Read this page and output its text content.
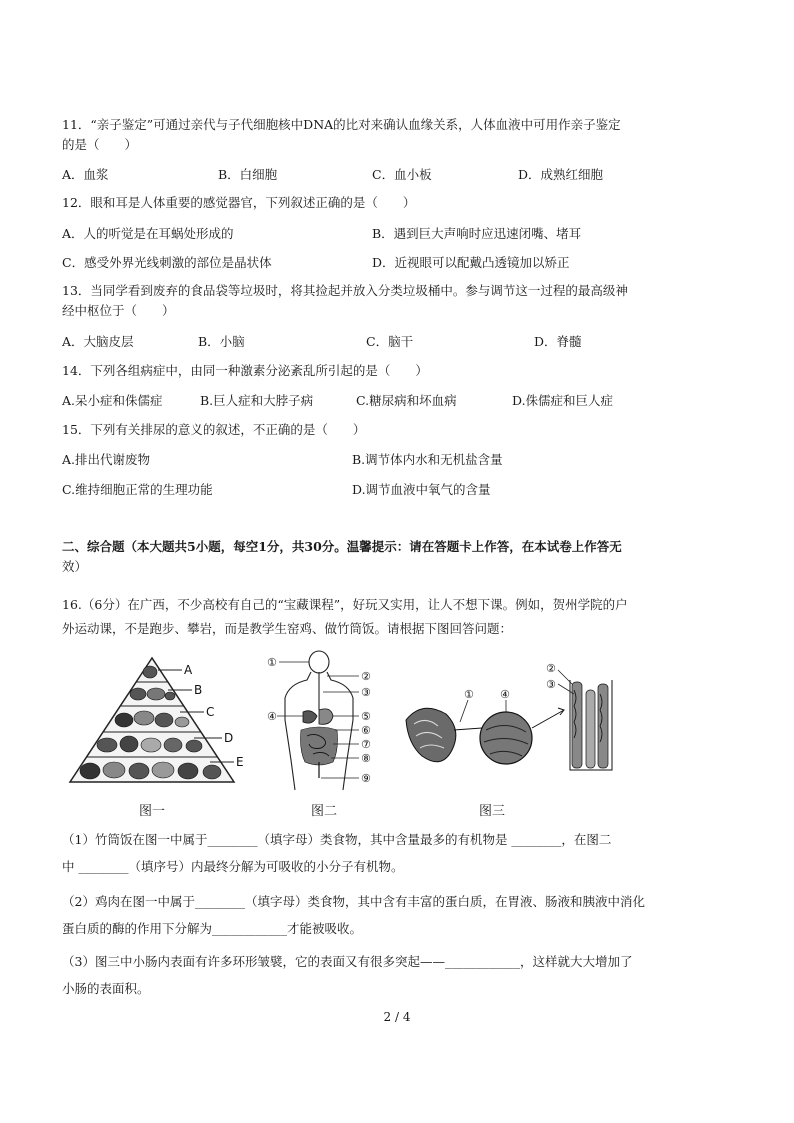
11．“亲子鉴定”可通过亲代与子代细胞核中DNA的比对来确认血缘关系，人体血液中可用作亲子鉴定
的是（　　）
A．血浆	B．白细胞	C．血小板	D．成熟红细胞
12．眼和耳是人体重要的感觉器官，下列叙述正确的是（　　）
A．人的听觉是在耳蜗处形成的	B．遇到巨大声响时应迅速闭嘴、堵耳
C．感受外界光线刺激的部位是晶状体	D．近视眼可以配戴凸透镜加以矫正
13．当同学看到废弃的食品袋等垃圾时，将其捡起并放入分类垃圾桶中。参与调节这一过程的最高级神
经中枢位于（　　）
A．大脑皮层	B．小脑	C．脑干	D．脊髓
14．下列各组病症中，由同一种激素分泌紊乱所引起的是（　　）
A.呆小症和侏儒症	B.巨人症和大脖子病	C.糖尿病和坏血病	D.侏儒症和巨人症
15．下列有关排尿的意义的叙述，不正确的是（　　）
A.排出代谢废物	B.调节体内水和无机盐含量
C.维持细胞正常的生理功能	D.调节血液中氧气的含量
二、综合题（本大题共5小题，每空1分，共30分。温馨提示：请在答题卡上作答，在本试卷上作答无
效）
16.（6分）在广西，不少高校有自己的“宝藏课程”，好玩又实用，让人不想下课。例如，贺州学院的户
外运动课，不是跑步、攀岩，而是教学生窑鸡、做竹筒饭。请根据下图回答问题：
A
B
C
D
E
图一
①
②
③
④	⑤
⑥
⑦
⑧
⑨
图二
① ④
②
③
图三
（1）竹筒饭在图一中属于________（填字母）类食物，其中含量最多的有机物是 ________，在图二
中 ________（填序号）内最终分解为可吸收的小分子有机物。
（2）鸡肉在图一中属于________（填字母）类食物，其中含有丰富的蛋白质，在胃液、肠液和胰液中消化
蛋白质的酶的作用下分解为____________才能被吸收。
（3）图三中小肠内表面有许多环形皱襞，它的表面又有很多突起——____________，这样就大大增加了
小肠的表面积。
2 / 4
